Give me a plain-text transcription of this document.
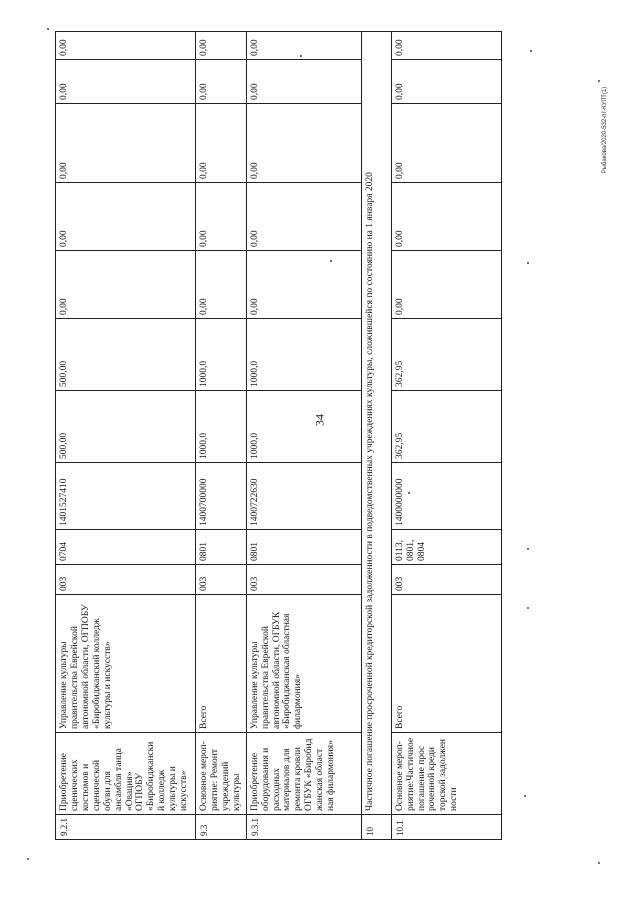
34
Рыбакова/2020-532-пт-КУЛТ(1)
9.2.1	Приобретение сценических костюмов и сценической обуви для ансамбля танца «Овация» ОГПОБУ «Биробиджански й колледж культуры и искусств»	Управление культуры правительства Еврейской автономной области, ОГПОБУ «Биробиджанский колледж культуры и искусств»	003	0704	1401527410	500,00	500,00	0,00	0,00	0,00	0,00	0,00
9.3	Основное мероп-риятие: Ремонт учреждений культуры	Всего	003	0801	1400700000	1000,0	1000,0	0,00	0,00	0,00	0,00	0,00
9.3.1	Приобретение оборудования и расходных материалов для ремонта кровли ОГБУК «Биробид жанская област ная филармония»	Управление культуры правительства Еврейской автономной области, ОГБУК «Биробиджанская областная филармония»	003	0801	1400722630	1000,0	1000,0	0,00	0,00	0,00	0,00	0,00
10	Частичное погашение просроченной кредиторской задолженности в подведомственных учреждениях культуры, сложившейся по состоянию на 1 января 2020											
10.1	Основное мероп-риятие:Частичное погашение прос роченной креди торской задолжен ности	Всего	003	0113, 0801, 0804	1400000000	362,95	362,95	0,00	0,00	0,00	0,00	0,00
